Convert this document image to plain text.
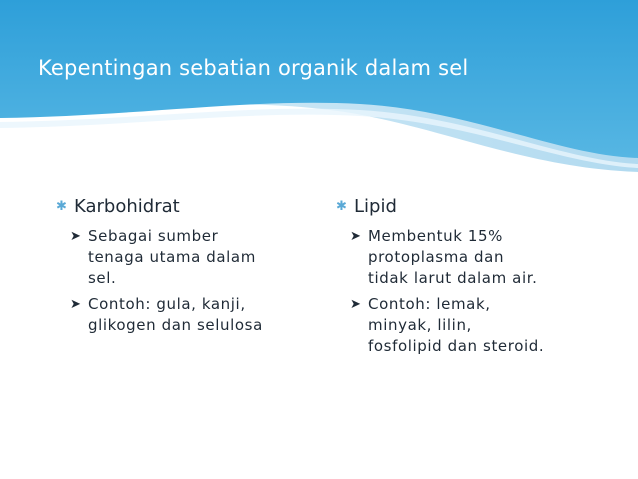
Kepentingan sebatian organik dalam sel
✱ Karbohidrat
➤ Sebagai sumber
tenaga utama dalam
sel.
➤ Contoh: gula, kanji,
glikogen dan selulosa
✱ Lipid
➤ Membentuk 15%
protoplasma dan
tidak larut dalam air.
➤ Contoh: lemak,
minyak, lilin,
fosfolipid dan steroid.
